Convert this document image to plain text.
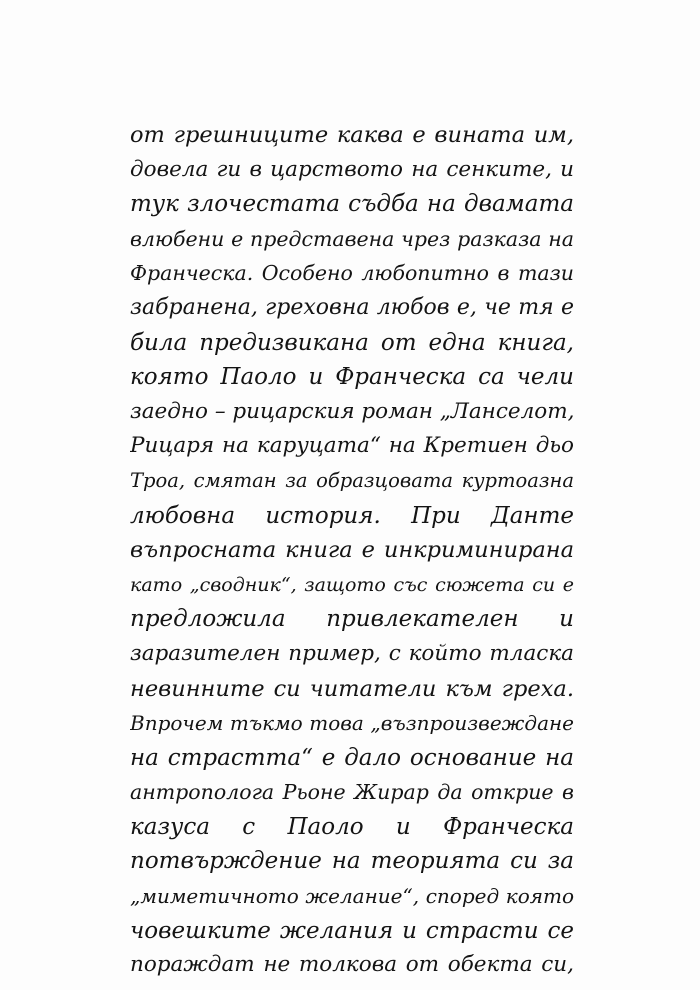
от грешниците каква е вината им,
довела ги в царството на сенките, и
тук злочестата съдба на двамата
влюбени е представена чрез разказа на
Франческа. Особено любопитно в тази
забранена, греховна любов е, че тя е
била предизвикана от една книга,
която Паоло и Франческа са чели
заедно – рицарския роман „Ланселот,
Рицаря на каруцата“ на Кретиен дьо
Троа, смятан за образцовата куртоазна
любовна история. При Данте
въпросната книга е инкриминирана
като „сводник“, защото със сюжета си е
предложила привлекателен и
заразителен пример, с който тласка
невинните си читатели към греха.
Впрочем тъкмо това „възпроизвеждане
на страстта“ е дало основание на
антрополога Рьоне Жирар да открие в
казуса с Паоло и Франческа
потвърждение на теорията си за
„миметичното желание“, според която
човешките желания и страсти се
пораждат не толкова от обекта си,
